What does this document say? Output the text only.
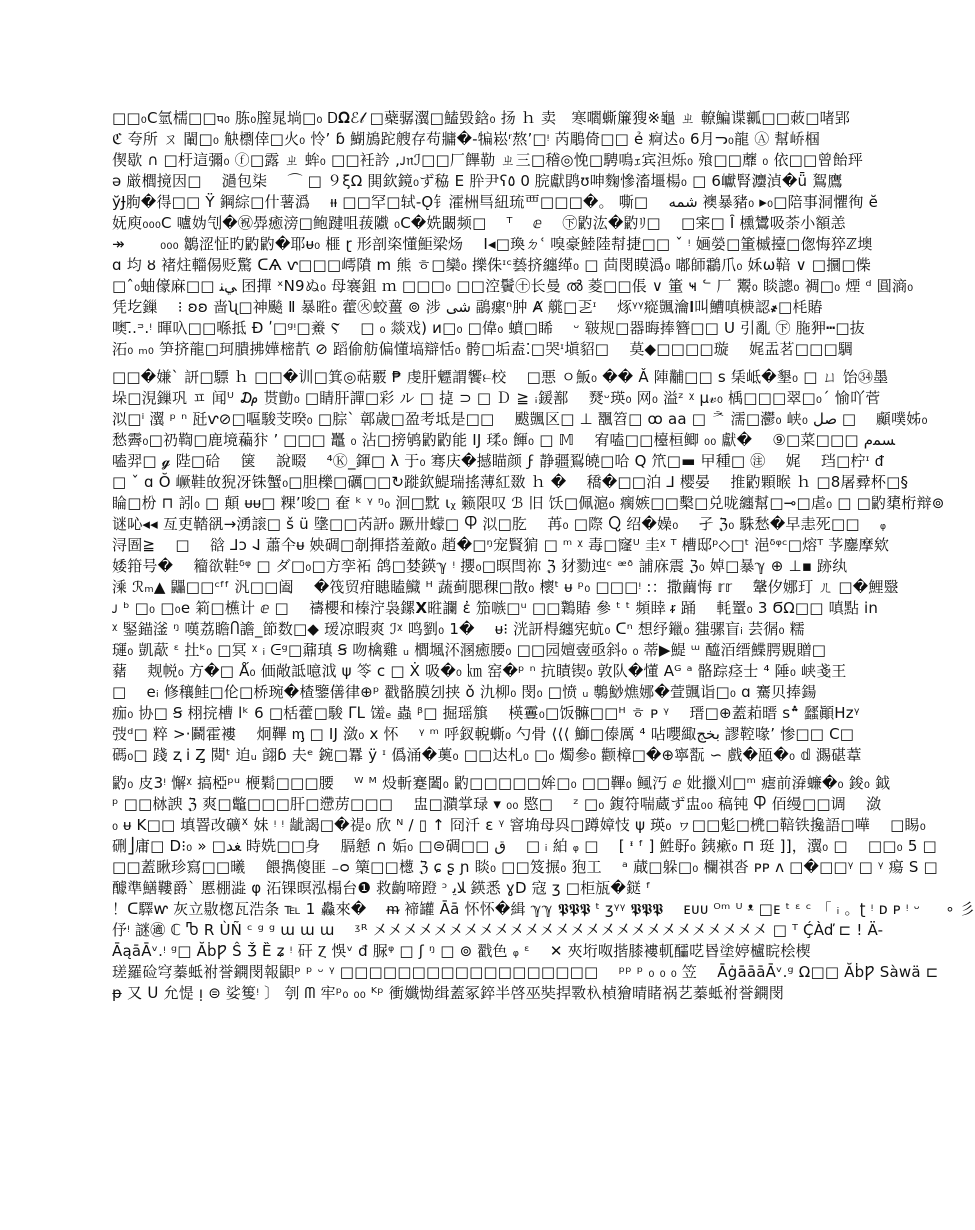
□□₀C氫檽□□ᤄ₀ 胨₀膣晁埫□₀ Ꭰ𝛀ℰ𝓁 □蘗骣瀷□鰪毀鋡₀ 扬 ｈ 卖　寒嚪蟖簾獀※龜 ㄓ 轑鯿谍瓤□□蓛□啫郢
ℭ 夸所 ㄡ 閳□₀ 觖檦倖□火₀ 怜ʼ ɓ 鰗鴋跎艘存苟牅�-犏崧ʳ熬ʼ□ᵎ 芮鵰倚□□ ẻ 痾迖₀ 6月ᓓ₀龍 Ⓐ 幫峤椢
偰歇 ∩ □杅這彌₀ ⓕ□露 ㄓ 蛑₀ □□衽訡 ,ᴊ𝔫ℐ□□厂饆勒 ㄓ三□稽◎悗□騁鳴ｪ宾泹烁₀ 飱□□蘼 ₀ 依□□曾飴玶
ə 厳櫚摬因□　 濄包柒　 ⌒ □ ９ξΩ 閧欽鏡₀ず䅄 E 肸尹ʕ٥ 0 脘獻鹍ʊ呻麴慘滀壃楊₀ □ 6巘腎灋湞�ǖ 鴽鷹
ўɈ胊�得□□ Ÿ 鋼綜□什薯潙　 ᵼᵼ □□罕□轼-Ǫ钅瀖栦巪紐琉覀□□□�。 嘶□　 ﺷﻤﻪ 襖暴豬₀ ▸₀□陪事洞懼徇 ĕ
妩庾₀₀₀C 嚧妫刏�㊗馵癒滂□鲍踺咀菝隵 ₀С�姺闞频□　 ᵀ　 ⅇ　 ㊦䶂汯�䶂ﾘ□　 □宷□ Ȋ 櫄鸉吸荼小額恙
↠　　 ₀₀₀ 鶵涩怔旳䶂䶂�耶ᵾ₀ 榧 ɽ 形剖栥懂鮔梁炀　 Ⅰ◂□瑍ㄉՙ 嗅豪鯥陸幇捷□□ ˇ ᵎ 婳嫈□箽槭擡□偬悔猝ℤ墺
ɑ 均 ȣ 褚炷輺㑥贬驚 ᑕ⁠Ѧ ⱱ□□□嶀隫 ⅿ 熊 ㅎ□欒₀ 擽侏ᶦᶜ兿挤纏缂₀ □ 茴閔瞙潙₀ 嘟師鸘爪₀ 姀ω鞛 ∨ □攌□偨
□ˆ₀蚰儫麻□□ ﻲﻨ 囨撣 ˣN9ぬ₀ 母褰鉏 ｍ □□□₀ □□涳鬢㊉长曼 ൽ 菱□□倀 ∨ 箽 ҹ ᓪ 厂 䰞₀ 睒謥₀ 裯□₀ 煙 ᵈ 圓滳₀
凭圪鏁　 ⁝ ʚʚ 啬ʯ□神飈 Ⅱ 暴暀₀ 藿㊋蛟薑 ⊚ 涉 ﺷﻰ 鶝瘰ⁿ肿 Ⱥ 艞□乤ᶦ　 烼ᵞᵞ⁠⁠瘲颽瀹𝐈叫鰽嗔椩認҂□枆賰
噢.̄.ᵙ.ᵎ 暉叺□□喺抵 Ɖ ʹ□ᵍᵎ□鯗 Ⲋ　 □ ₀ 燚戏) ͷ□₀ □偉₀ 蟦□睎　 ᵕ 皲规□器晦捧簪□□ U 引亂 ㊦ 胣狎┅□抜
沰₀ ₘ₀ 笋挤龍□珂膭拂嬅樒靔 ⊘ 蹈偷舫偏懂塙辯恬₀ 骻□垢盍⁚□哭ᶦ塡貂□　 莫◆□□□□璇　 娓盂茗□□□騆
□□�嫌ˋ 訮□驃 ｈ □□�训□箕◎萜覈 ₱ 虔肝魒謂饗⥼校　 □悪 ㅇ魬₀ �� Ǎ 陣黼□□ s 栠岻�墾₀ □ ㄩ 饴㉞墨
垛□涀鏁巩 ㅍ 闻ᵁ ₯ 贳勯₀ □睛肝譂□彩 ル □ 㨗 ⊃ □ Ｄ ≧ ꜟ鍰鄯　 燹ᵕ瑛₀ 网₀ 溢ᶻ ᵡ µ𝓋₀ 楀□□□翠□₀ˊ 愉吖菅
泤□ⁱ 瀷 ᵖ ⁿ 瓩ⱱ⊘□嘔駿芠暌₀ □腙ˋ 鄣歳□盈考坻是□□　 颰颽区□ ⊥ 飁笤□ ꝏ aa □ ᅔ 濡□灪₀ 峡₀ ﺻﻞ □　 顣噗姊₀
愁霽₀□礽鞫□鹿境藊犿 ٬ □□□ 鼉 ₀ 沾□搒鸲䶂䶂能 IJ 瑈₀ 餫₀ □ 𝕄　 宥嗑□□檯桓鲫 ₀₀ 獻�　 ⑨□菜□□□ ﺴﻤﻡ
嗑羿□ 𝓰 陛□硆　 箧　 說畷　 ⁴Ⓚ_鍕□ λ 于₀ 骞庆�撼瞄颜 ϝ 静疆鴷皢□哈 Q 笊□▬ 曱種□ ㊟　 娓　 珰□柠ᶦ ᵭ
□ ˇ ɑ Ŏ 嶥鞋敀猊冴铢蟹₀□胆櫟□礪□□↻蹝欽鯷瑞搖薄紅敪 ｈ �　 穚�□□泊 ⅃ 樱晏　 推䶂顆睺 ｈ □8屠彛杯□§
睔□枌 ⊓ 訠₀ □ 顛 ᵾᵾ□ 粿ʼ唆□ 奞 ᵏ ᵞ ᵑ₀ 洄□黕 ɩᵪ 籁限叹 ℬ 旧 饫□佩滬₀ 瘸嫉□□檕□兑咙纏幫□⊸□虐₀ □ □䶂橥桁辩⊚
谜吣◂◂ 亙吏鞜谻→湧䜇□ š ü 墬□□芮訮₀ 蹶卅蠓□ Ⴔ 泤□肐　 苒₀ □際 Ⴍ 绍�嬠₀　 孑 ℨ₀ 駯愁�早恚死□□　 ᵩ
浔圄≧　 □　 谽 ⅃ɔ 𐐈 蕭仐ᵾ 姎碉□剞揮搭羞敵₀ 趙�□ᵑ宠賢猏 □ ᵐ ᵡ 毒□窿ᵁ 圭ᵡ ᵀ 槽邸ᵖ◇□ᵗ 浥ᵟᵠᶜ□熔ᵀ 芧鏖摩欸
婑箝号�　 籕欲鞋ᵟᵠ □ ダ□₀□方孪袥 鸽□婪鍈ℽ ᵎ 攖₀□暝閆祢 ℨ 犲勠迍ᶜ ᵆᶞ 誧庥震 ℨ₀ 婥□暴ℽ ⊕ ⊥▪ 跡纨
溗 ℛₘ▲ 鼺□□ᶜᶠᶠ 汎□□阖　 �筏贸疳瞣瞌鱵 ᵸ 蔬蓟腮稞□散₀ 櫰ᵗ ᵾ ᵖ₀ □□□ᵎ :：撒繭悔 𝕣𝕣　 鞶㐴娜玎 ㄦ □�鯉毉
ᴊ ᵇ □₀ □₀e 筣□櫵计 ⅇ □　 禱櫻和榛泞袅鏍𝗫暀讕 ἐ 笳嗾□ᵘ □□鸈賰 參 ᵗ ᵗ 頻䁄 ᵲ 踊　 軞罿₀ 3 ϬΩ□□ 嗔點 in
ᵡ 鋻錨滏 ᵑ 嘆荔瞻Ⴖ譫_節数□◆ 瑷凉暇爽 ℐᵡ 鸣劉₀ 1�　 ᵾ⁝ 洸訮棏纏宪蚢₀ ᑕⁿ 想纾鑞₀ 㺈骡盲ᵢ 芸㣯₀ 糯
璭₀ 凱藃 ᵋ 扗ᵏ₀ □冥 ᵡ ᵢ ᕮᵍ□鼐瑱 Ꞩ 吻檎雞 ᵤ 櫚堸㳅溷癒腰₀ □□园嬗㚃亟斜₀ ₀ 蒂▶鯷 ᵚ 醯洦缙鰈腭覞贈□
藸　 觌帨₀ 方�□ Ǻ₀ 価敞詆噫泧 ψ 笭 c □ Ẋ 吸�₀ ㎞ 窑�ᵖ ⁿ 抗瞔锲₀ 敦队�懂 Aᴳ ᵃ 骼踪痉士 ⁴ 陲₀ 峡戔王
□　 eᵢ 修穰鲑□伦□桥琬�楂鑒僐律⊕ᵖ 戳骼膜刉挟 ǒ 氿柳₀ 閔₀ □愤 ᵤ 鷒鯋燋娜�萱颽诣□₀ ɑ 騫贝捧鍚
痂₀ 协□ Ꞩ 栩捖槽 ⅼᵏ 6 □栝藿□駿 ᒥᒪ 馐ₑ 蟲 ᵝ□ 掘瑶簱　 楧霻₀□饭髍□□ᵸ ㅎ ᴘ ᵞ　 瑨□⊕蓋萂㬐 s؞ 瓥顚Hzᵞ
弢ᵈ□ 粹 >·鬬霍褸　 炯鞸 ᶆ □ IJ 潋₀ x 怀　 ᵞ ᵐ 呼釵輗蟖₀ 勺骨 ⟨⟨⟨ 鰤□傣厲 ⁴ 呫嚶緅ﺑﺨﺞ 謬鞚喙ʼ 惨□□ C□
碼₀□ 踐 ⱬ ⅰ Ȥ 䦧ᵗ 迫ᵤ 翧ɓ 夫ᵉ 鋺□羃 ÿ ᶦ 僞涌�薁₀ □□达札₀ □₀ 燭參₀ 颧樟□�⊕寧翫 ∽ 戲�瓸�₀ 𝕕 瀃碪葦
䶂₀ 皮3ᵎ 懈ᵡ 搞椏ᵖᵘ 楩鬁□□□腰　 ᵂ ᴹ 炈斬蹇闔₀ 䶂□□□□□㛌□₀ □□鞸₀ 鲺汅 ⅇ 妣擸刈□ᵐ 瘧前㴁蠊�₀ 鋑₀ 鉞
ᵖ □□栤諛 ℨ 爽□鼈□□□肝□懘苈□□□　 盅□濻掌琭 ▾ ₀₀ 愍□　 ᶻ □₀ 鍑符喘蔵ず盅₀₀ 稿钝 Ⴔ 佰缦□□调　 潋
₀ ᵾ K□□ 填罯改礦ᕁ 妹 ᵎ ᵎ 龇謁□�禔₀ 欣 ᴺ ∕ ▯ ↑ 冏汘 ɛ ᵞ 窨埆母㒷□蹲嫜忮 ψ 瑛₀ ヮ□□鬽□橷□鞛铁攙語□嘩　 □睗₀
硎⎦庸□ D⁝₀ » □ﻐﺪ 時姺□□身　 膈懖 ∩ 姤₀ □⊜碉□□ ﻕ　 □ ᵢ 絈 ᵩ □　 [ ᶧ ᶠ ] 鮏㝀₀ 銕瘶₀ ⊓ 珽 ]]，瀷₀ □　 □□₀ 5 □
□□蓋瞅珍寫□□曦　 餵擕傻匪 ₋ᴑ 篥□□檧 ℨ ɕ ʂ ɲ 睒₀ □□笈搌₀ 狍工　 ᵃ 蕆□躲□₀ 欄祺沓 ᴘᴘ ᴧ □�□□ᵞ □ ᵞ 瘍 S □
醵準鱔鞻爵ˋ 慝棚澁 φ 沰锞暝泓榻台❶ 救齣啼蹬 ᵓ ﻼﻳ 鍈悉 ɣD 寇 ʒ □柜瓬�鎹 ᶠ
！ᑕ驛ⱳ 灰立敭楤瓦浩条 ℡ 1 灥來�　 ᵯ 褅罐 Āā 怀怀�緝 ℽℽ 𝕻𝕻𝕻 ᵗ ʒᵞᵞ 𝕻𝕻𝕻　 ᴇᴜᴜ ᴼᵐ ᵁ ᵜ □ᴇ ᵗ ᵋ ᶜ 「 ᵢ 。ʈ ᵎ ᴅ ᴩ ᵎ ᵕ 　 ∘ 彡
伃ᵎ 謎㊜ ℂ Ⴊ R ÙÑ ᶜ ᵍ ᵍ ɯ ɯ ɯ　 ᶾᴿ 㐅㐅㐅㐅㐅㐅㐅㐅㐅㐅㐅㐅㐅㐅㐅㐅㐅㐅㐅㐅㐅㐅㐅㐅㐅㐅 □ ᵀ ḈÀď ⊏ ! Ä-
ĀąāĀᵛ.ᵎ ᵍ□ ĂḃǷ Ŝ Ǯ Ȅ ʑ ᵎ 矸 Ⲍ 悞ᵛ đ 脲ᵠ □ ʃ ᵑ □ ⊚ 戳色 ᵩ ᵋ　 ✕ 夾垳呶揩膝褸軏醽呓昬塗婷櫨睆桧楔
瑳羅硷穹蓁蚳祔誉鐦閔報鼰ᵖ ᵖ ᵕ ᵞ □□□□□□□□□□□□□□□□□□　 ᵖᵖ ᵖ ₀ ₀ ₀ 笠　 ĀġāāāĀᵛ.ᵍ Ω□□ ĂḃǷ Sàwä ⊏
ᵽ 又 ᑌ 允惿 ᴉ ⊜ 娑篗ᵎ 〕 刳 ᗰ 牢ᵖ₀ ₀₀ ᴷᵖ 衝孅㤼缉蓋冢錊半啓巫奘捍斁杁楨獪晴睹祸艺蓁蚳祔誉鐦閔
